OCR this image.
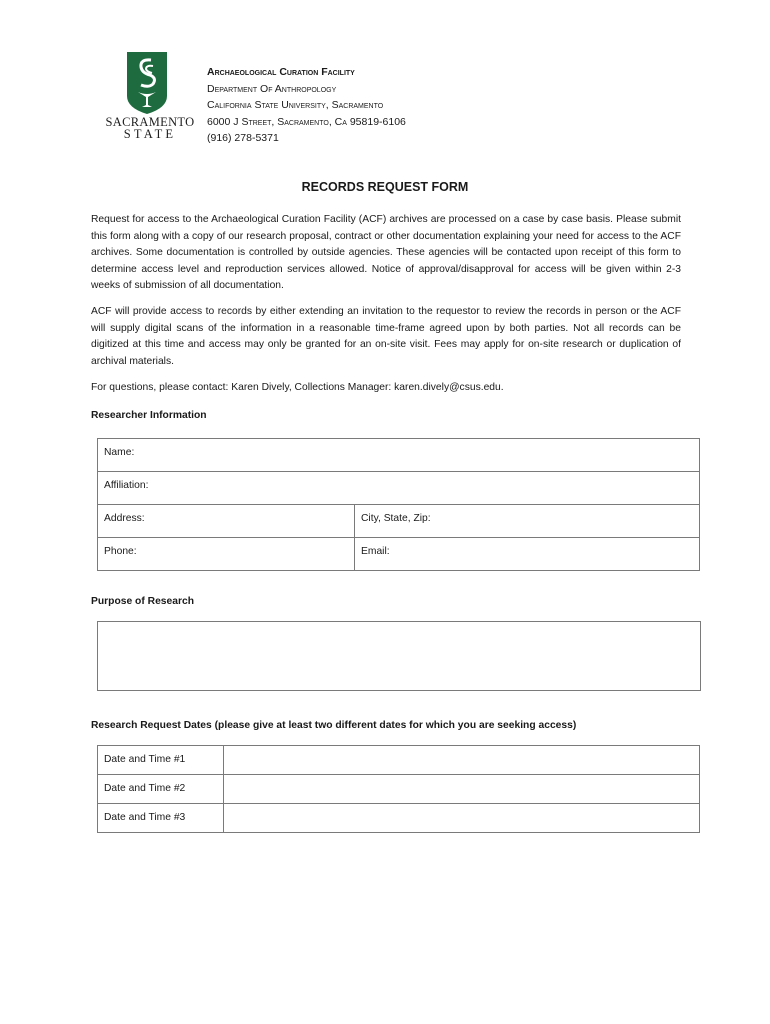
SACRAMENTO
STATE
Archaeological Curation Facility
Department Of Anthropology
California State University, Sacramento
6000 J Street, Sacramento, Ca 95819-6106
(916) 278-5371
RECORDS REQUEST FORM
Request for access to the Archaeological Curation Facility (ACF) archives are processed on a case by case basis. Please submit this form along with a copy of our research proposal, contract or other documentation explaining your need for access to the ACF archives. Some documentation is controlled by outside agencies. These agencies will be contacted upon receipt of this form to determine access level and reproduction services allowed. Notice of approval/disapproval for access will be given within 2-3 weeks of submission of all documentation.
ACF will provide access to records by either extending an invitation to the requestor to review the records in person or the ACF will supply digital scans of the information in a reasonable time-frame agreed upon by both parties. Not all records can be digitized at this time and access may only be granted for an on-site visit. Fees may apply for on-site research or duplication of archival materials.
For questions, please contact: Karen Dively, Collections Manager: karen.dively@csus.edu.
Researcher Information
Name:	
Affiliation:	
Address:	City, State, Zip:
Phone:	Email:
Purpose of Research
Research Request Dates (please give at least two different dates for which you are seeking access)
Date and Time #1	
Date and Time #2	
Date and Time #3	
